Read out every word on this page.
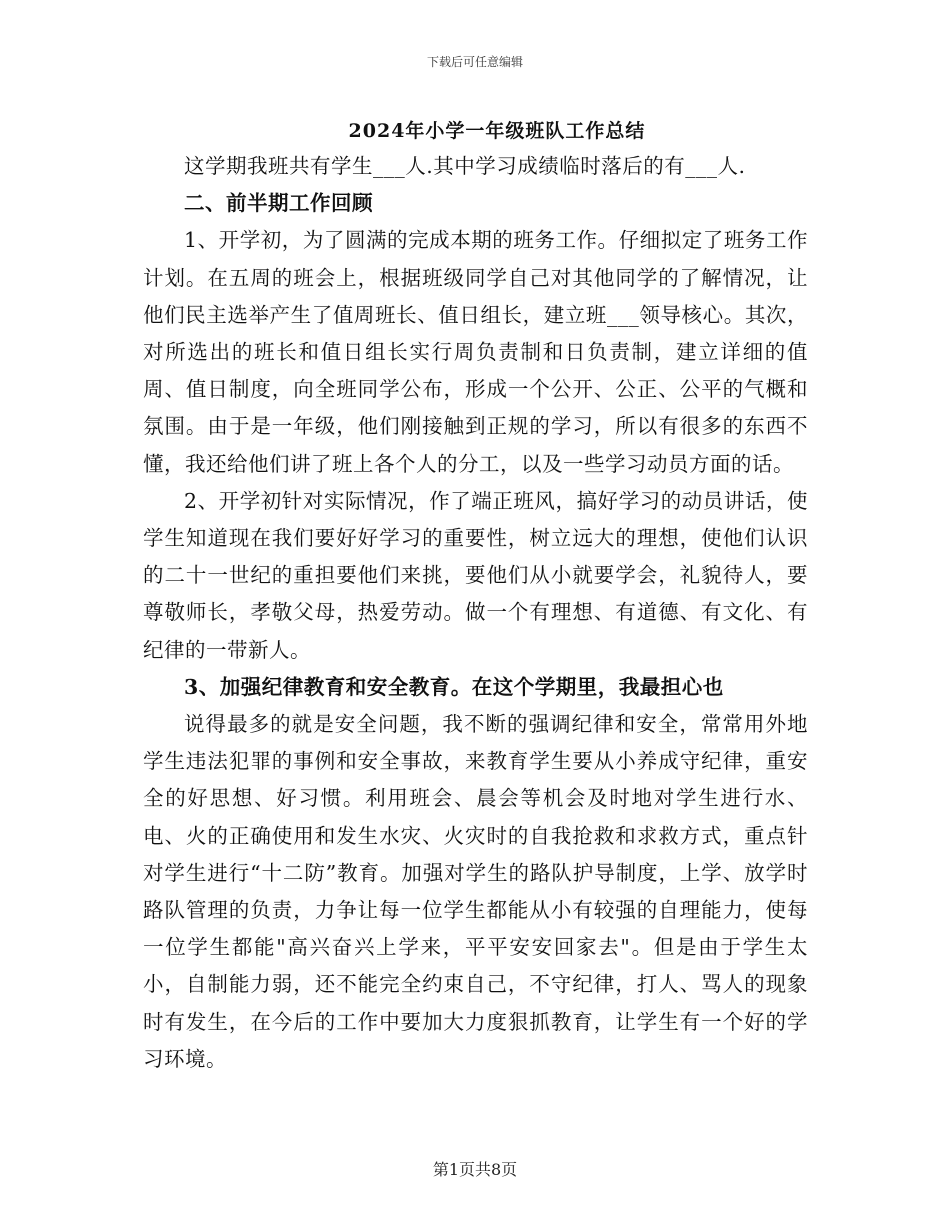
下载后可任意编辑
2024年小学一年级班队工作总结

这学期我班共有学生___人.其中学习成绩临时落后的有___人.

二、前半期工作回顾

1、开学初，为了圆满的完成本期的班务工作。仔细拟定了班务工作计划。在五周的班会上，根据班级同学自己对其他同学的了解情况，让他们民主选举产生了值周班长、值日组长，建立班___领导核心。其次，对所选出的班长和值日组长实行周负责制和日负责制，建立详细的值周、值日制度，向全班同学公布，形成一个公开、公正、公平的气概和氛围。由于是一年级，他们刚接触到正规的学习，所以有很多的东西不懂，我还给他们讲了班上各个人的分工，以及一些学习动员方面的话。

2、开学初针对实际情况，作了端正班风，搞好学习的动员讲话，使学生知道现在我们要好好学习的重要性，树立远大的理想，使他们认识的二十一世纪的重担要他们来挑，要他们从小就要学会，礼貌待人，要尊敬师长，孝敬父母，热爱劳动。做一个有理想、有道德、有文化、有纪律的一带新人。

3、加强纪律教育和安全教育。在这个学期里，我最担心也

说得最多的就是安全问题，我不断的强调纪律和安全，常常用外地学生违法犯罪的事例和安全事故，来教育学生要从小养成守纪律，重安全的好思想、好习惯。利用班会、晨会等机会及时地对学生进行水、电、火的正确使用和发生水灾、火灾时的自我抢救和求救方式，重点针对学生进行“十二防”教育。加强对学生的路队护导制度，上学、放学时路队管理的负责，力争让每一位学生都能从小有较强的自理能力，使每一位学生都能"高兴奋兴上学来，平平安安回家去"。但是由于学生太小，自制能力弱，还不能完全约束自己，不守纪律，打人、骂人的现象时有发生，在今后的工作中要加大力度狠抓教育，让学生有一个好的学习环境。

第1页共8页
